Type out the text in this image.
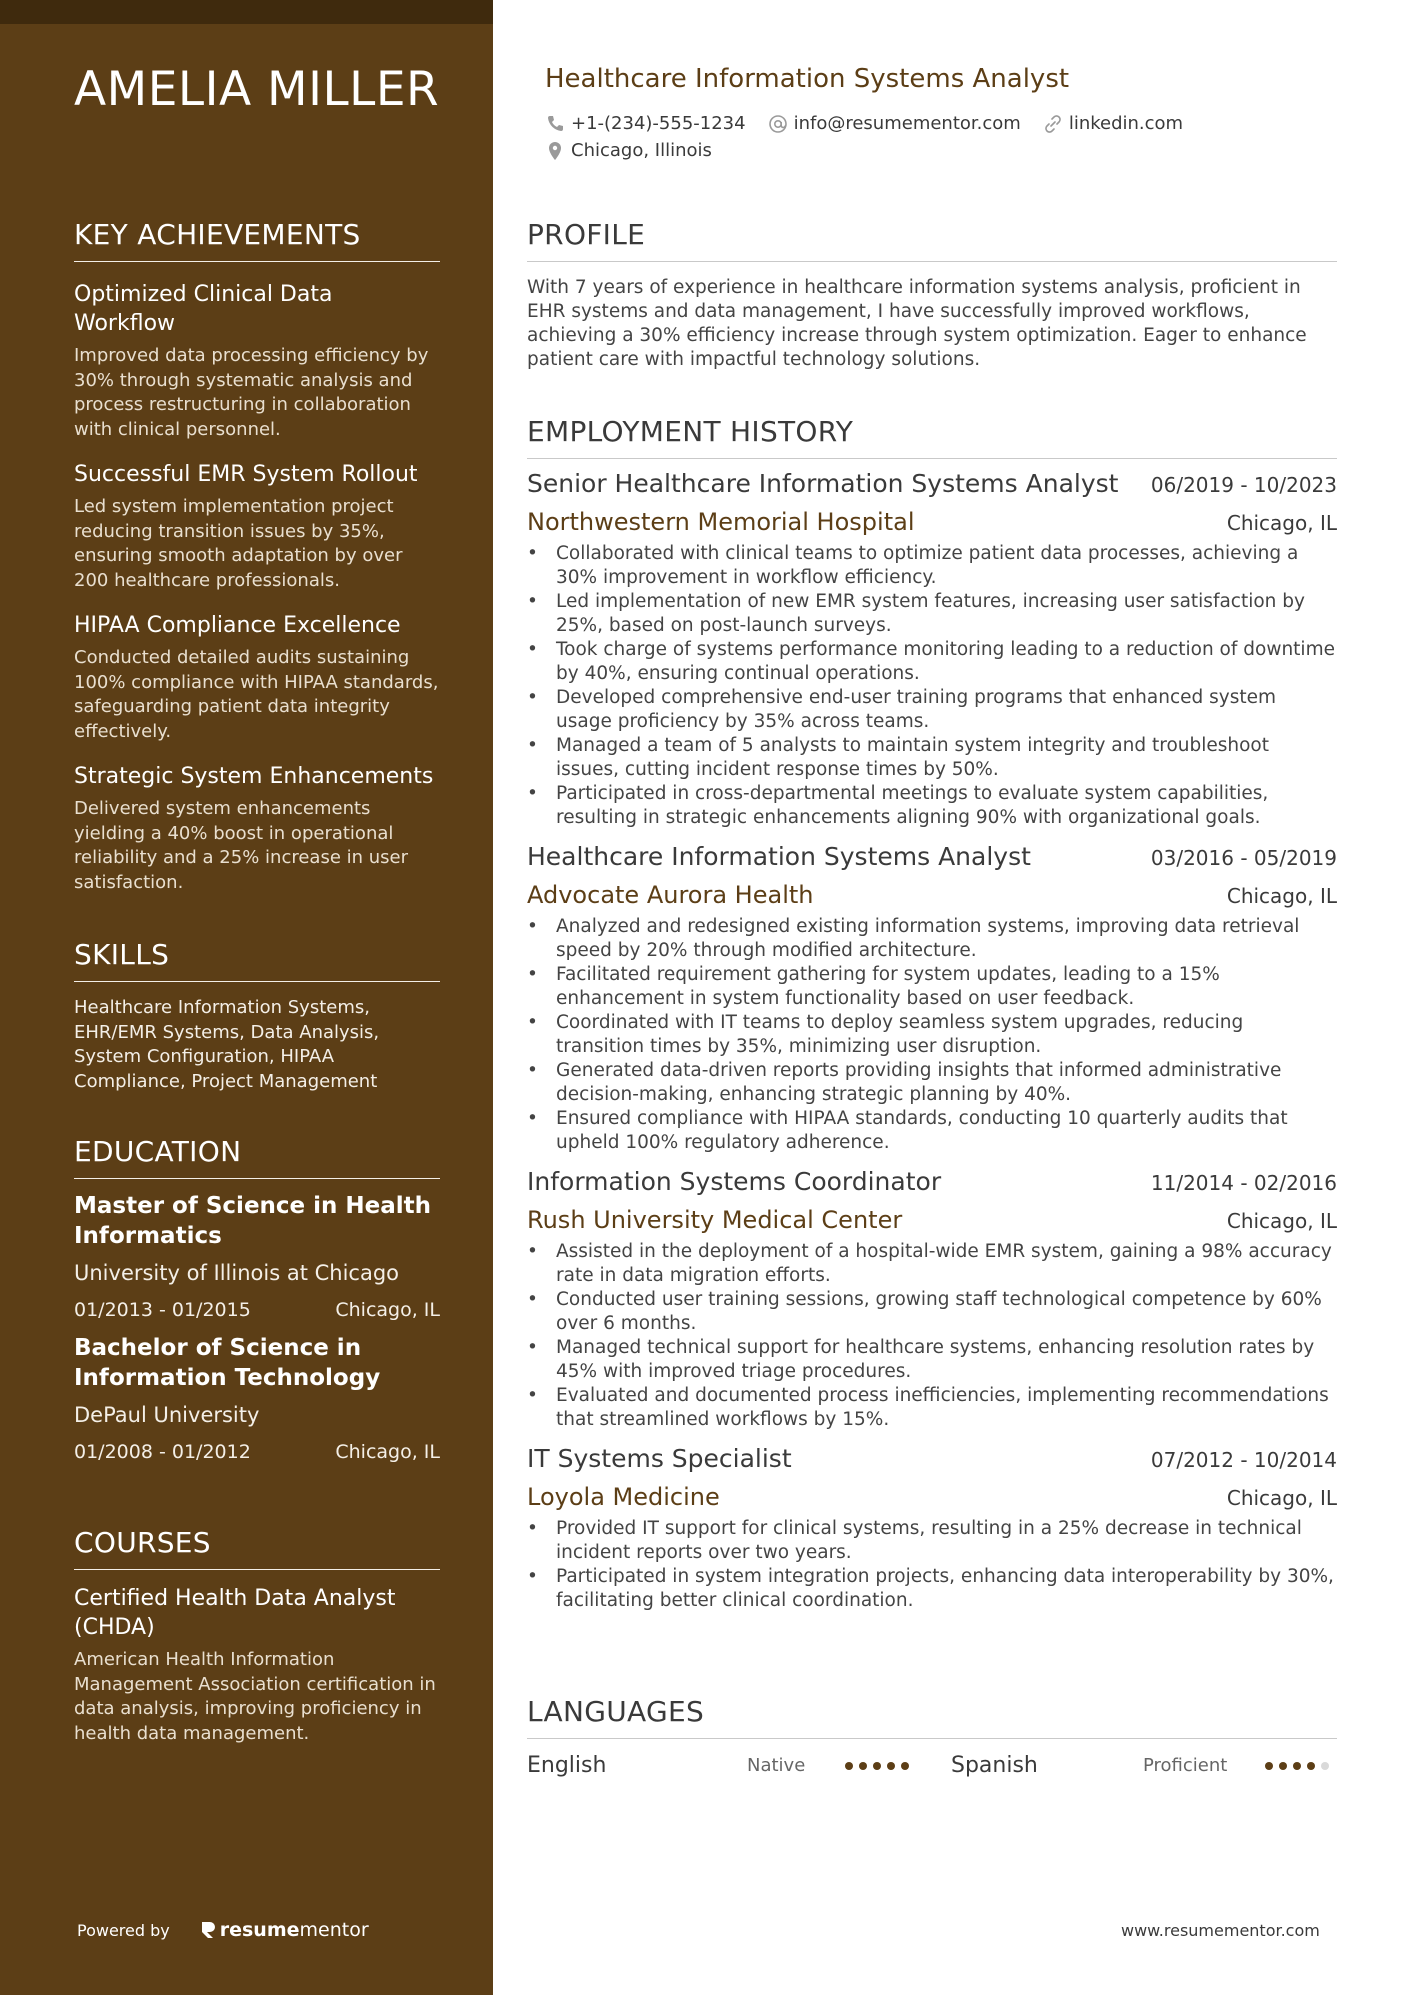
AMELIA MILLER
KEY ACHIEVEMENTS
Optimized Clinical Data Workflow
Improved data processing efficiency by 30% through systematic analysis and process restructuring in collaboration with clinical personnel.
Successful EMR System Rollout
Led system implementation project reducing transition issues by 35%, ensuring smooth adaptation by over 200 healthcare professionals.
HIPAA Compliance Excellence
Conducted detailed audits sustaining 100% compliance with HIPAA standards, safeguarding patient data integrity effectively.
Strategic System Enhancements
Delivered system enhancements yielding a 40% boost in operational reliability and a 25% increase in user satisfaction.
SKILLS
Healthcare Information Systems, EHR/EMR Systems, Data Analysis, System Configuration, HIPAA Compliance, Project Management
EDUCATION
Master of Science in Health Informatics
University of Illinois at Chicago
01/2013 - 01/2015	Chicago, IL
Bachelor of Science in Information Technology
DePaul University
01/2008 - 01/2012	Chicago, IL
COURSES
Certified Health Data Analyst (CHDA)
American Health Information Management Association certification in data analysis, improving proficiency in health data management.
Powered by	resume mentor
Healthcare Information Systems Analyst
+1-(234)-555-1234	info@resumementor.com	linkedin.com
Chicago, Illinois
PROFILE
With 7 years of experience in healthcare information systems analysis, proficient in EHR systems and data management, I have successfully improved workflows, achieving a 30% efficiency increase through system optimization. Eager to enhance patient care with impactful technology solutions.
EMPLOYMENT HISTORY
Senior Healthcare Information Systems Analyst 06/2019 - 10/2023
Northwestern Memorial Hospital	Chicago, IL
• Collaborated with clinical teams to optimize patient data processes, achieving a 30% improvement in workflow efficiency.
• Led implementation of new EMR system features, increasing user satisfaction by 25%, based on post-launch surveys.
• Took charge of systems performance monitoring leading to a reduction of downtime by 40%, ensuring continual operations.
• Developed comprehensive end-user training programs that enhanced system usage proficiency by 35% across teams.
• Managed a team of 5 analysts to maintain system integrity and troubleshoot issues, cutting incident response times by 50%.
• Participated in cross-departmental meetings to evaluate system capabilities, resulting in strategic enhancements aligning 90% with organizational goals.
Healthcare Information Systems Analyst	03/2016 - 05/2019
Advocate Aurora Health	Chicago, IL
• Analyzed and redesigned existing information systems, improving data retrieval speed by 20% through modified architecture.
• Facilitated requirement gathering for system updates, leading to a 15% enhancement in system functionality based on user feedback.
• Coordinated with IT teams to deploy seamless system upgrades, reducing transition times by 35%, minimizing user disruption.
• Generated data-driven reports providing insights that informed administrative decision-making, enhancing strategic planning by 40%.
• Ensured compliance with HIPAA standards, conducting 10 quarterly audits that upheld 100% regulatory adherence.
Information Systems Coordinator	11/2014 - 02/2016
Rush University Medical Center	Chicago, IL
• Assisted in the deployment of a hospital-wide EMR system, gaining a 98% accuracy rate in data migration efforts.
• Conducted user training sessions, growing staff technological competence by 60% over 6 months.
• Managed technical support for healthcare systems, enhancing resolution rates by 45% with improved triage procedures.
• Evaluated and documented process inefficiencies, implementing recommendations that streamlined workflows by 15%.
IT Systems Specialist	07/2012 - 10/2014
Loyola Medicine	Chicago, IL
• Provided IT support for clinical systems, resulting in a 25% decrease in technical incident reports over two years.
• Participated in system integration projects, enhancing data interoperability by 30%, facilitating better clinical coordination.
LANGUAGES
English	Native	Spanish	Proficient
www.resumementor.com
